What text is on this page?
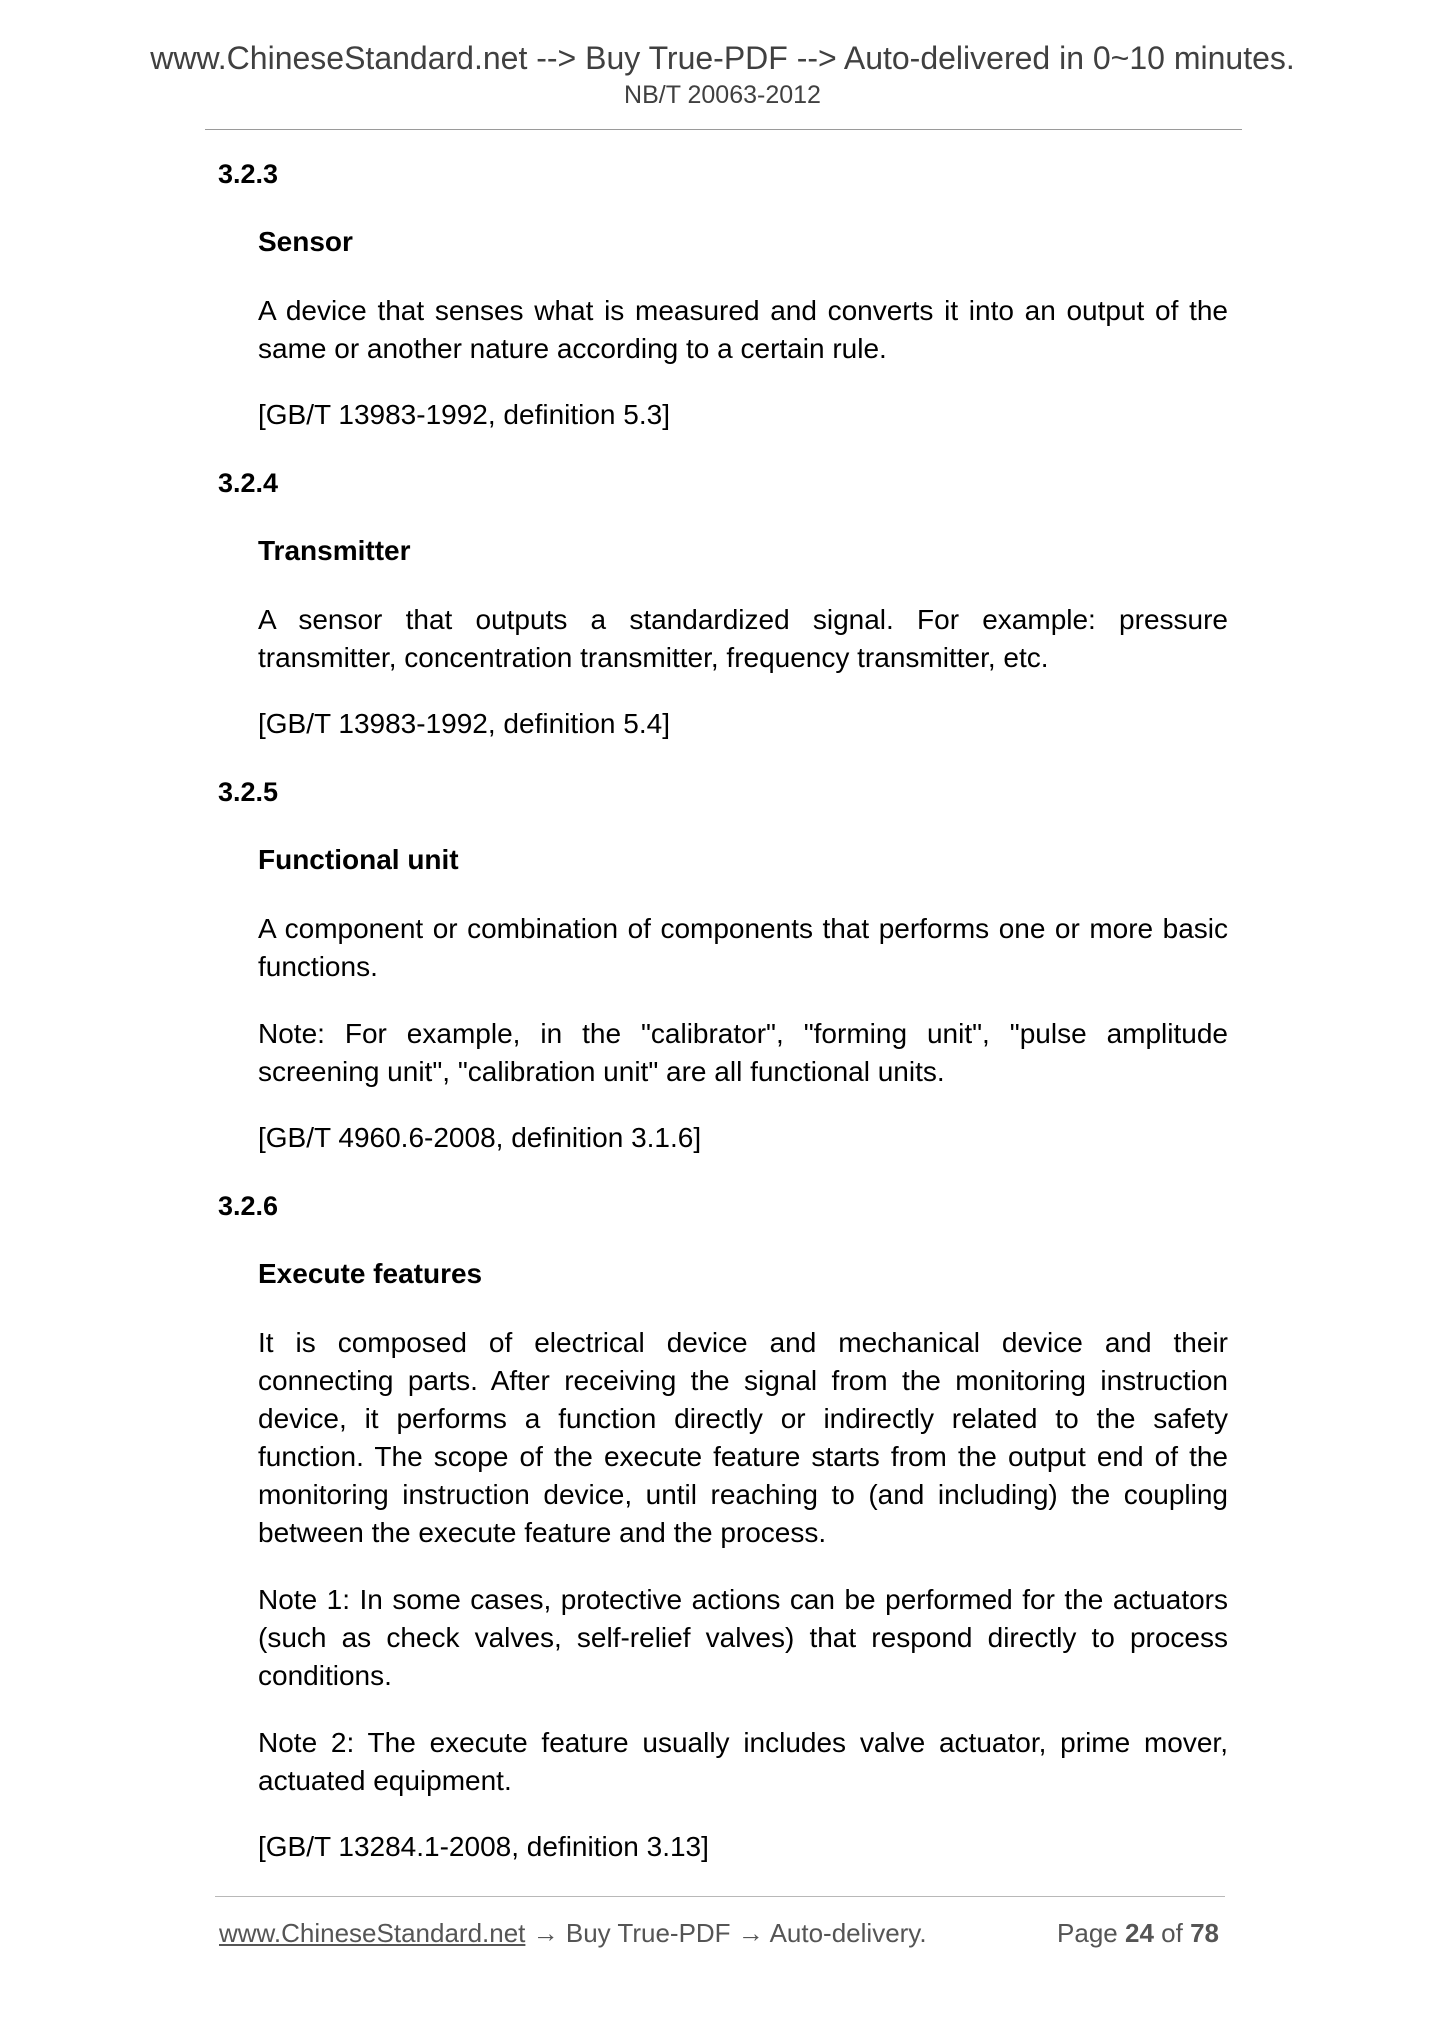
www.ChineseStandard.net --> Buy True-PDF --> Auto-delivered in 0~10 minutes.
NB/T 20063-2012
3.2.3
Sensor
A device that senses what is measured and converts it into an output of the same or another nature according to a certain rule.
[GB/T 13983-1992, definition 5.3]
3.2.4
Transmitter
A sensor that outputs a standardized signal. For example: pressure transmitter, concentration transmitter, frequency transmitter, etc.
[GB/T 13983-1992, definition 5.4]
3.2.5
Functional unit
A component or combination of components that performs one or more basic functions.
Note: For example, in the "calibrator", "forming unit", "pulse amplitude screening unit", "calibration unit" are all functional units.
[GB/T 4960.6-2008, definition 3.1.6]
3.2.6
Execute features
It is composed of electrical device and mechanical device and their connecting parts. After receiving the signal from the monitoring instruction device, it performs a function directly or indirectly related to the safety function. The scope of the execute feature starts from the output end of the monitoring instruction device, until reaching to (and including) the coupling between the execute feature and the process.
Note 1: In some cases, protective actions can be performed for the actuators (such as check valves, self-relief valves) that respond directly to process conditions.
Note 2: The execute feature usually includes valve actuator, prime mover, actuated equipment.
[GB/T 13284.1-2008, definition 3.13]
www.ChineseStandard.net → Buy True-PDF → Auto-delivery.	Page 24 of 78
